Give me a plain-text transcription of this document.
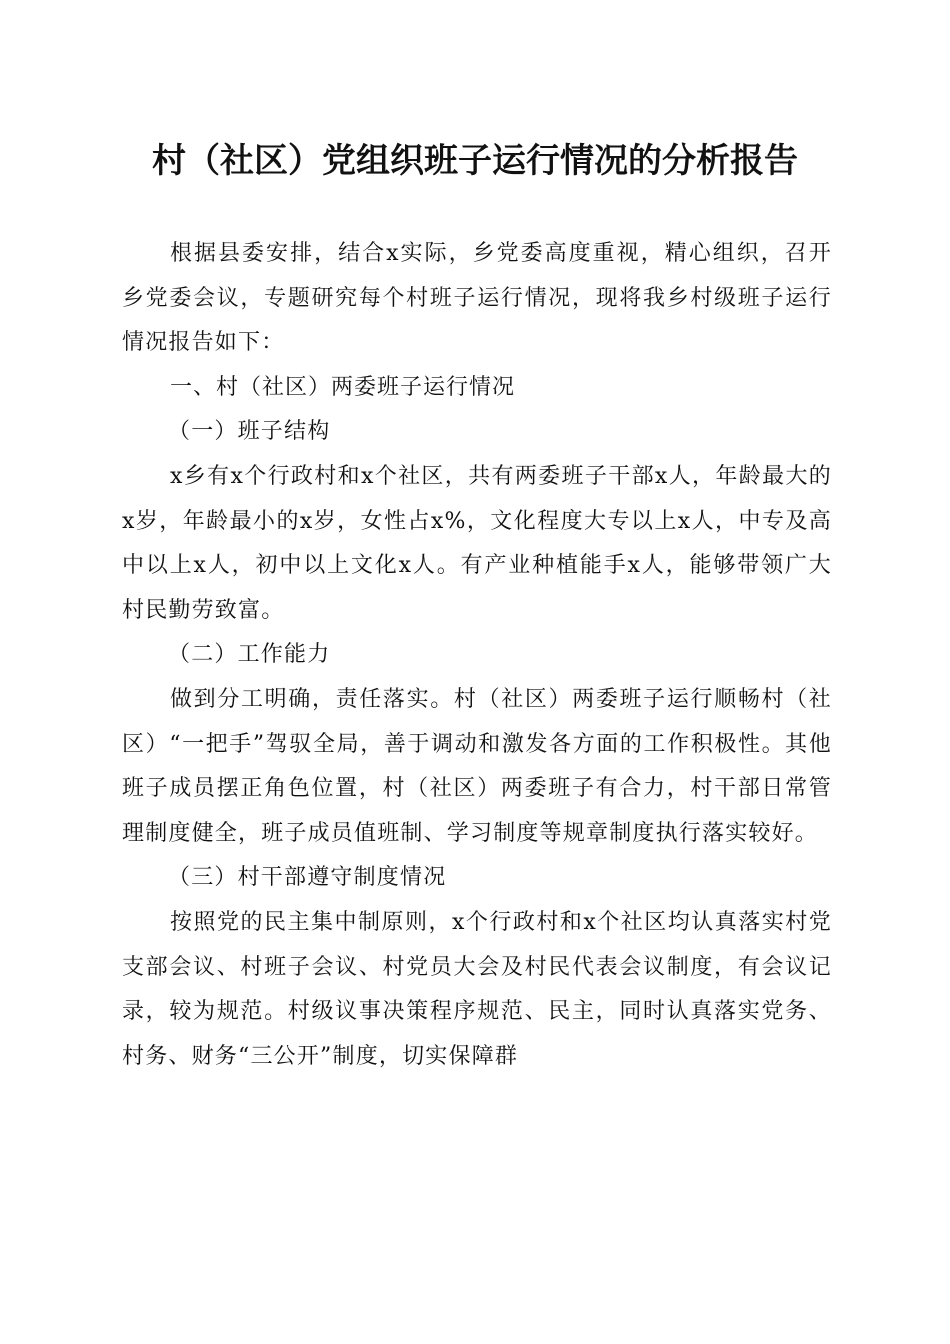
村（社区）党组织班子运行情况的分析报告

根据县委安排，结合x实际，乡党委高度重视，精心组织，召开乡党委会议，专题研究每个村班子运行情况，现将我乡村级班子运行情况报告如下：

一、村（社区）两委班子运行情况

（一）班子结构

x乡有x个行政村和x个社区，共有两委班子干部x人，年龄最大的x岁，年龄最小的x岁，女性占x%，文化程度大专以上x人，中专及高中以上x人，初中以上文化x人。有产业种植能手x人，能够带领广大村民勤劳致富。

（二）工作能力

做到分工明确，责任落实。村（社区）两委班子运行顺畅村（社区）“一把手”驾驭全局，善于调动和激发各方面的工作积极性。其他班子成员摆正角色位置，村（社区）两委班子有合力，村干部日常管理制度健全，班子成员值班制、学习制度等规章制度执行落实较好。

（三）村干部遵守制度情况

按照党的民主集中制原则，x个行政村和x个社区均认真落实村党支部会议、村班子会议、村党员大会及村民代表会议制度，有会议记录，较为规范。村级议事决策程序规范、民主，同时认真落实党务、村务、财务“三公开”制度，切实保障群
